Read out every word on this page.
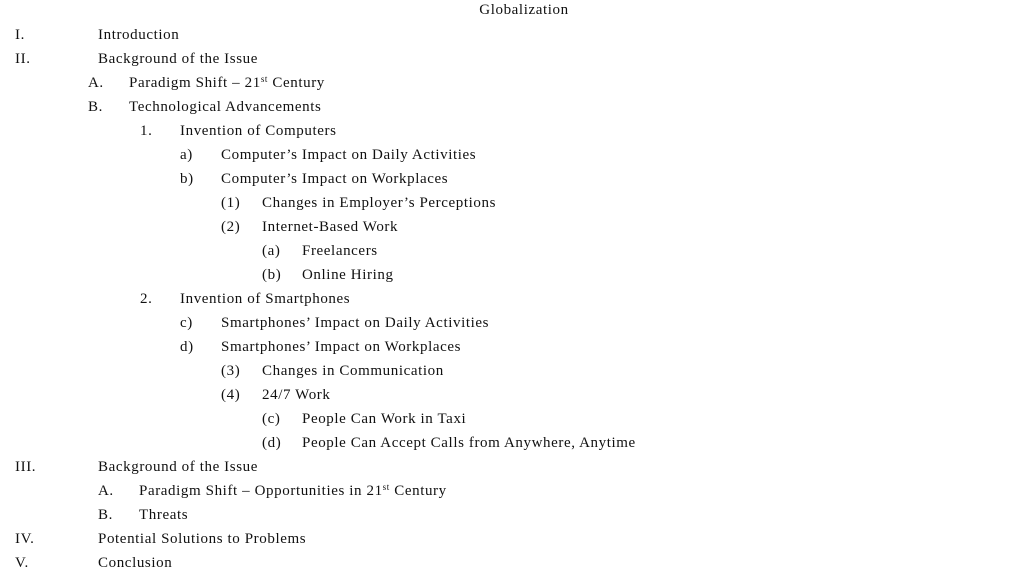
Globalization
I.	Introduction
II.	Background of the Issue
A. Paradigm Shift – 21st Century
B. Technological Advancements
1. Invention of Computers
a) Computer’s Impact on Daily Activities
b) Computer’s Impact on Workplaces
(1) Changes in Employer’s Perceptions
(2) Internet-Based Work
(a) Freelancers
(b) Online Hiring
2. Invention of Smartphones
c) Smartphones’ Impact on Daily Activities
d) Smartphones’ Impact on Workplaces
(3) Changes in Communication
(4) 24/7 Work
(c) People Can Work in Taxi
(d) People Can Accept Calls from Anywhere, Anytime
III.	Background of the Issue
A. Paradigm Shift – Opportunities in 21st Century
B. Threats
IV.	Potential Solutions to Problems
V.	Conclusion
